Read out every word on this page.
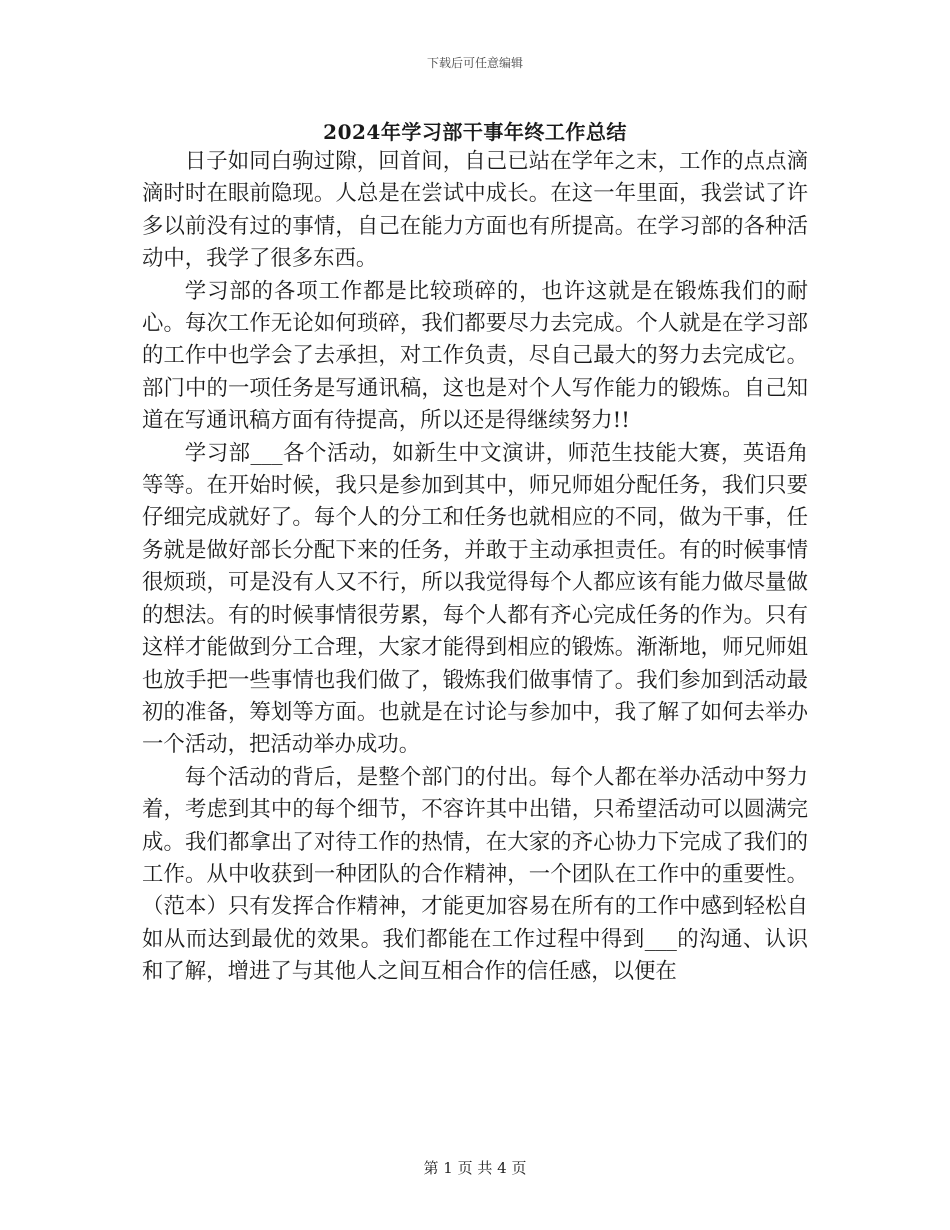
下载后可任意编辑
2024年学习部干事年终工作总结

日子如同白驹过隙，回首间，自己已站在学年之末，工作的点点滴滴时时在眼前隐现。人总是在尝试中成长。在这一年里面，我尝试了许多以前没有过的事情，自己在能力方面也有所提高。在学习部的各种活动中，我学了很多东西。

学习部的各项工作都是比较琐碎的，也许这就是在锻炼我们的耐心。每次工作无论如何琐碎，我们都要尽力去完成。个人就是在学习部的工作中也学会了去承担，对工作负责，尽自己最大的努力去完成它。部门中的一项任务是写通讯稿，这也是对个人写作能力的锻炼。自己知道在写通讯稿方面有待提高，所以还是得继续努力!!

学习部___各个活动，如新生中文演讲，师范生技能大赛，英语角等等。在开始时候，我只是参加到其中，师兄师姐分配任务，我们只要仔细完成就好了。每个人的分工和任务也就相应的不同，做为干事，任务就是做好部长分配下来的任务，并敢于主动承担责任。有的时候事情很烦琐，可是没有人又不行，所以我觉得每个人都应该有能力做尽量做的想法。有的时候事情很劳累，每个人都有齐心完成任务的作为。只有这样才能做到分工合理，大家才能得到相应的锻炼。渐渐地，师兄师姐也放手把一些事情也我们做了，锻炼我们做事情了。我们参加到活动最初的准备，筹划等方面。也就是在讨论与参加中，我了解了如何去举办一个活动，把活动举办成功。

每个活动的背后，是整个部门的付出。每个人都在举办活动中努力着，考虑到其中的每个细节，不容许其中出错，只希望活动可以圆满完成。我们都拿出了对待工作的热情，在大家的齐心协力下完成了我们的工作。从中收获到一种团队的合作精神，一个团队在工作中的重要性。（范本）只有发挥合作精神，才能更加容易在所有的工作中感到轻松自如从而达到最优的效果。我们都能在工作过程中得到___的沟通、认识和了解，增进了与其他人之间互相合作的信任感，以便在

第 1 页 共 4 页
